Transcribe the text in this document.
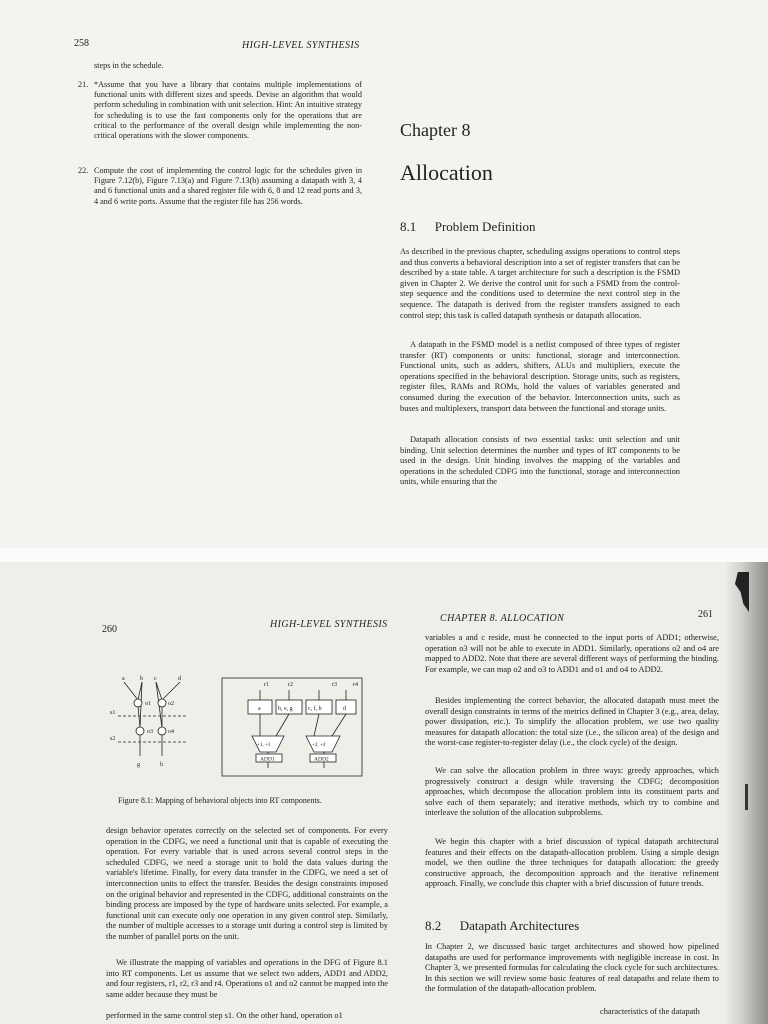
258	HIGH-LEVEL SYNTHESIS
steps in the schedule.
21. *Assume that you have a library that contains multiple implementations of functional units with different sizes and speeds. Devise an algorithm that would perform scheduling in combination with unit selection. Hint: An intuitive strategy for scheduling is to use the fast components only for the operations that are critical to the performance of the overall design while implementing the non-critical operations with the slower components.
22. Compute the cost of implementing the control logic for the schedules given in Figure 7.12(b), Figure 7.13(a) and Figure 7.13(b) assuming a datapath with 3, 4 and 6 functional units and a shared register file with 6, 8 and 12 read ports and 3, 4 and 6 write ports. Assume that the register file has 256 words.
Chapter 8
Allocation
8.1 Problem Definition
As described in the previous chapter, scheduling assigns operations to control steps and thus converts a behavioral description into a set of register transfers that can be described by a state table. A target architecture for such a description is the FSMD given in Chapter 2. We derive the control unit for such a FSMD from the control-step sequence and the conditions used to determine the next control step in the sequence. The datapath is derived from the register transfers assigned to each control step; this task is called datapath synthesis or datapath allocation.
A datapath in the FSMD model is a netlist composed of three types of register transfer (RT) components or units: functional, storage and interconnection. Functional units, such as adders, shifters, ALUs and multipliers, execute the operations specified in the behavioral description. Storage units, such as registers, register files, RAMs and ROMs, hold the values of variables generated and consumed during the execution of the behavior. Interconnection units, such as buses and multiplexers, transport data between the functional and storage units.
Datapath allocation consists of two essential tasks: unit selection and unit binding. Unit selection determines the number and types of RT components to be used in the design. Unit binding involves the mapping of the variables and operations in the scheduled CDFG into the functional, storage and interconnection units, while ensuring that the
260	HIGH-LEVEL SYNTHESIS
a	b c	d
s1
s2
o1	o2
o3	o4
g	h
r1	r2	r3	r4
a	b, e, g	c, f, h	d
+1, +3	+2, +4
ADD1	ADD2
Figure 8.1: Mapping of behavioral objects into RT components.
design behavior operates correctly on the selected set of components. For every operation in the CDFG, we need a functional unit that is capable of executing the operation. For every variable that is used across several control steps in the scheduled CDFG, we need a storage unit to hold the data values during the variable's lifetime. Finally, for every data transfer in the CDFG, we need a set of interconnection units to effect the transfer. Besides the design constraints imposed on the original behavior and represented in the CDFG, additional constraints on the binding process are imposed by the type of hardware units selected. For example, a functional unit can execute only one operation in any given control step. Similarly, the number of multiple accesses to a storage unit during a control step is limited by the number of parallel ports on the unit.
We illustrate the mapping of variables and operations in the DFG of Figure 8.1 into RT components. Let us assume that we select two adders, ADD1 and ADD2, and four registers, r1, r2, r3 and r4. Operations o1 and o2 cannot be mapped into the same adder because they must be
performed in the same control step s1. On the other hand, operation o1
CHAPTER 8. ALLOCATION	261
variables a and c reside, must be connected to the input ports of ADD1; otherwise, operation o3 will not be able to execute in ADD1. Similarly, operations o2 and o4 are mapped to ADD2. Note that there are several different ways of performing the binding. For example, we can map o2 and o3 to ADD1 and o1 and o4 to ADD2.
Besides implementing the correct behavior, the allocated datapath must meet the overall design constraints in terms of the metrics defined in Chapter 3 (e.g., area, delay, power dissipation, etc.). To simplify the allocation problem, we use two quality measures for datapath allocation: the total size (i.e., the silicon area) of the design and the worst-case register-to-register delay (i.e., the clock cycle) of the design.
We can solve the allocation problem in three ways: greedy approaches, which progressively construct a design while traversing the CDFG; decomposition approaches, which decompose the allocation problem into its constituent parts and solve each of them separately; and iterative methods, which try to combine and interleave the solution of the allocation subproblems.
We begin this chapter with a brief discussion of typical datapath architectural features and their effects on the datapath-allocation problem. Using a simple design model, we then outline the three techniques for datapath allocation: the greedy constructive approach, the decomposition approach and the iterative refinement approach. Finally, we conclude this chapter with a brief discussion of future trends.
8.2 Datapath Architectures
In Chapter 2, we discussed basic target architectures and showed how pipelined datapaths are used for performance improvements with negligible increase in cost. In Chapter 3, we presented formulas for calculating the clock cycle for such architectures. In this section we will review some basic features of real datapaths and relate them to the formulation of the datapath-allocation problem.
characteristics of the datapath
